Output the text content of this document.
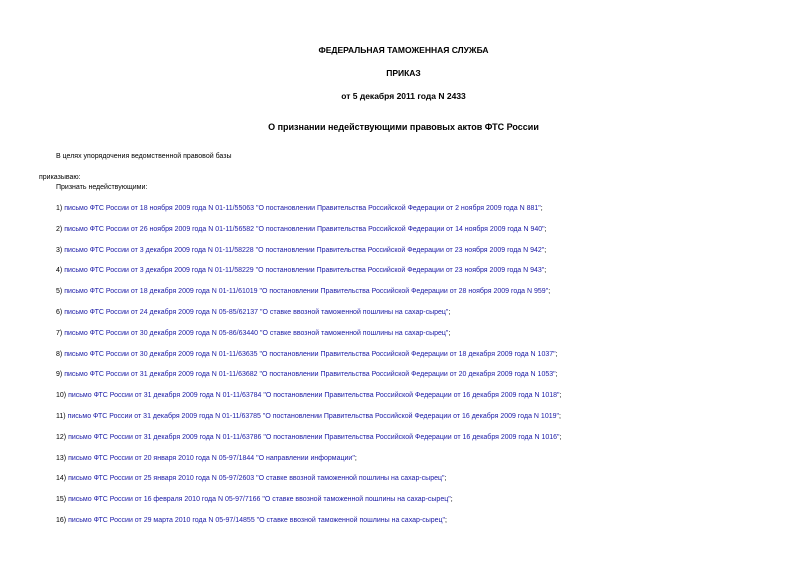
ФЕДЕРАЛЬНАЯ ТАМОЖЕННАЯ СЛУЖБА
ПРИКАЗ
от 5 декабря 2011 года N 2433
О признании недействующими правовых актов ФТС России
В целях упорядочения ведомственной правовой базы
приказываю:
Признать недействующими:
1) письмо ФТС России от 18 ноября 2009 года N 01-11/55063 "О постановлении Правительства Российской Федерации от 2 ноября 2009 года N 881";
2) письмо ФТС России от 26 ноября 2009 года N 01-11/56582 "О постановлении Правительства Российской Федерации от 14 ноября 2009 года N 940";
3) письмо ФТС России от 3 декабря 2009 года N 01-11/58228 "О постановлении Правительства Российской Федерации от 23 ноября 2009 года N 942";
4) письмо ФТС России от 3 декабря 2009 года N 01-11/58229 "О постановлении Правительства Российской Федерации от 23 ноября 2009 года N 943";
5) письмо ФТС России от 18 декабря 2009 года N 01-11/61019 "О постановлении Правительства Российской Федерации от 28 ноября 2009 года N 959";
6) письмо ФТС России от 24 декабря 2009 года N 05-85/62137 "О ставке ввозной таможенной пошлины на сахар-сырец";
7) письмо ФТС России от 30 декабря 2009 года N 05-86/63440 "О ставке ввозной таможенной пошлины на сахар-сырец";
8) письмо ФТС России от 30 декабря 2009 года N 01-11/63635 "О постановлении Правительства Российской Федерации от 18 декабря 2009 года N 1037";
9) письмо ФТС России от 31 декабря 2009 года N 01-11/63682 "О постановлении Правительства Российской Федерации от 20 декабря 2009 года N 1053";
10) письмо ФТС России от 31 декабря 2009 года N 01-11/63784 "О постановлении Правительства Российской Федерации от 16 декабря 2009 года N 1018";
11) письмо ФТС России от 31 декабря 2009 года N 01-11/63785 "О постановлении Правительства Российской Федерации от 16 декабря 2009 года N 1019";
12) письмо ФТС России от 31 декабря 2009 года N 01-11/63786 "О постановлении Правительства Российской Федерации от 16 декабря 2009 года N 1016";
13) письмо ФТС России от 20 января 2010 года N 05-97/1844 "О направлении информации";
14) письмо ФТС России от 25 января 2010 года N 05-97/2603 "О ставке ввозной таможенной пошлины на сахар-сырец";
15) письмо ФТС России от 16 февраля 2010 года N 05-97/7166 "О ставке ввозной таможенной пошлины на сахар-сырец";
16) письмо ФТС России от 29 марта 2010 года N 05-97/14855 "О ставке ввозной таможенной пошлины на сахар-сырец";
